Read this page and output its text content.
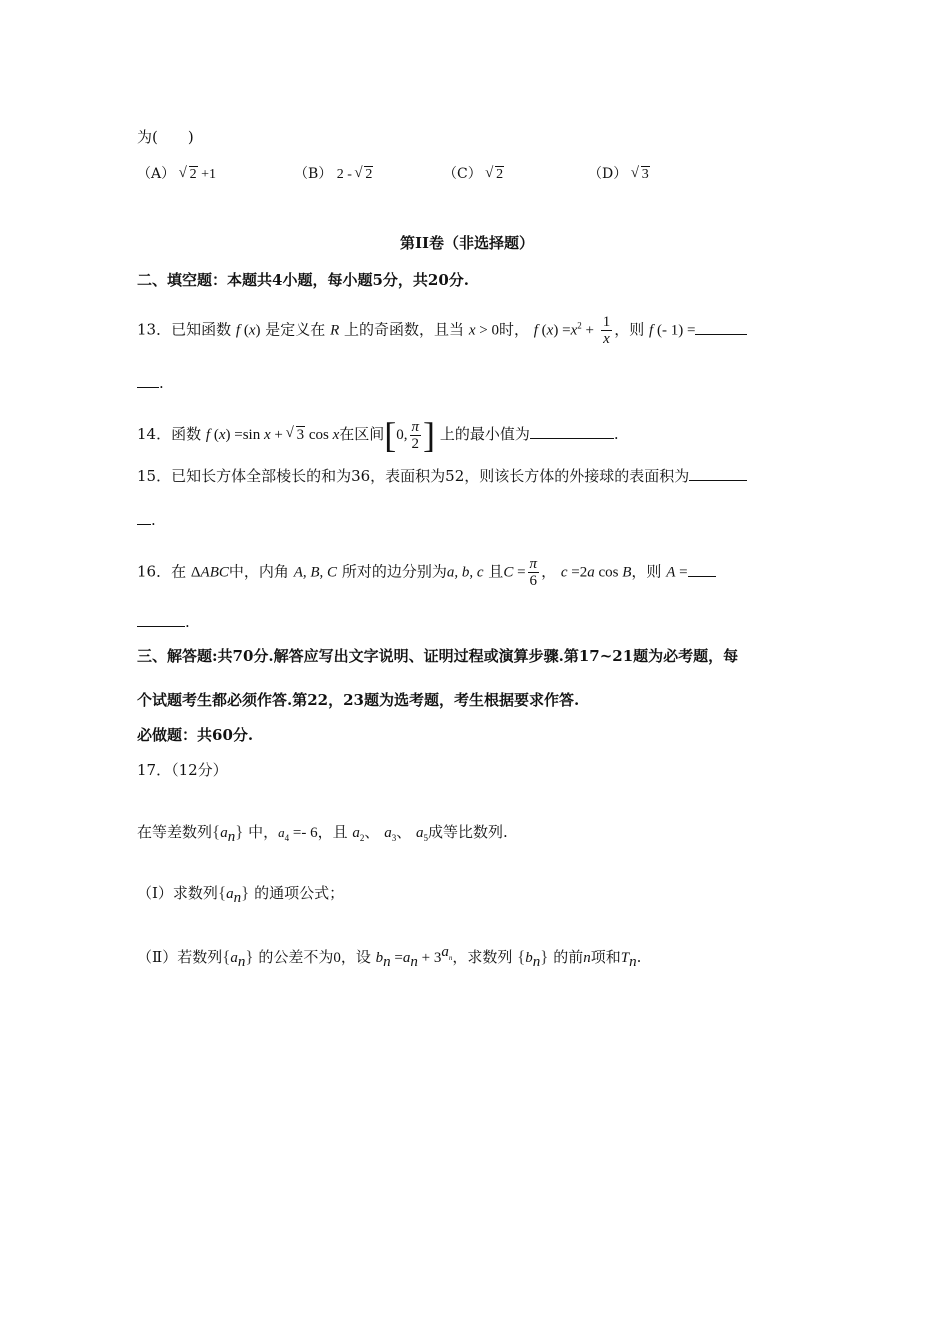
为(　　)
（A） √ 2 +1	（B） 2 - √ 2	（C） √ 2	（D） √ 3
第II卷（非选择题）
二、填空题：本题共4小题，每小题5分，共20分.
13．已知函数 f (x) 是定义在 R 上的奇函数，且当 x > 0时， f $(x) =x^2 + \frac{1}{x}$ ，则 f (- 1) =
.
14．函数 f (x) =sin x + √ 3 cos x在区间[0, $\frac{\pi}{2}$ ] 上的最小值为	.
15．已知长方体全部棱长的和为36，表面积为52，则该长方体的外接球的表面积为
.
16．在 ΔABC中，内角 A, B, C 所对的边分别为a, b, c 且$C = \frac{\pi}{6}$ ， c =2a cos B，则 A =
.
三、解答题:共70分.解答应写出文字说明、证明过程或演算步骤.第17~21题为必考题，每
个试题考生都必须作答.第22，23题为选考题，考生根据要求作答.
必做题：共60分.
17．（12分）
在等差数列$\{a_n\}$ 中，$a_4 =- 6$，且 $a_2$、 $a_3$、 $a_5$成等比数列.
（Ⅰ）求数列$\{a_n\}$ 的通项公式；
（Ⅱ）若数列$\{a_n\}$ 的公差不为0，设 $b_n =a_n + 3^{a_n}$，求数列 $\{b_n\}$ 的前n项和$T_n$.
